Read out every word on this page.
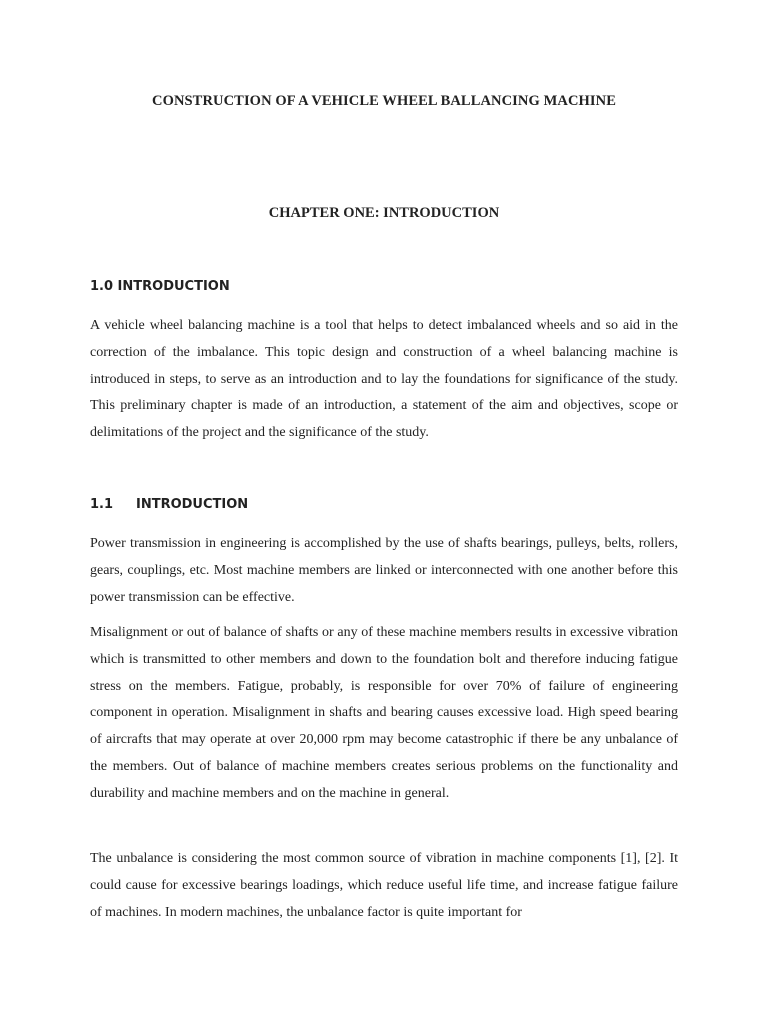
CONSTRUCTION OF A VEHICLE WHEEL BALLANCING MACHINE
CHAPTER ONE: INTRODUCTION
1.0 INTRODUCTION

A vehicle wheel balancing machine is a tool that helps to detect imbalanced wheels and so aid in the correction of the imbalance. This topic design and construction of a wheel balancing machine is introduced in steps, to serve as an introduction and to lay the foundations for significance of the study. This preliminary chapter is made of an introduction, a statement of the aim and objectives, scope or delimitations of the project and the significance of the study.

1.1 INTRODUCTION

Power transmission in engineering is accomplished by the use of shafts bearings, pulleys, belts, rollers, gears, couplings, etc. Most machine members are linked or interconnected with one another before this power transmission can be effective.

Misalignment or out of balance of shafts or any of these machine members results in excessive vibration which is transmitted to other members and down to the foundation bolt and therefore inducing fatigue stress on the members. Fatigue, probably, is responsible for over 70% of failure of engineering component in operation. Misalignment in shafts and bearing causes excessive load. High speed bearing of aircrafts that may operate at over 20,000 rpm may become catastrophic if there be any unbalance of the members. Out of balance of machine members creates serious problems on the functionality and durability and machine members and on the machine in general.

The unbalance is considering the most common source of vibration in machine components [1], [2]. It could cause for excessive bearings loadings, which reduce useful life time, and increase fatigue failure of machines. In modern machines, the unbalance factor is quite important for
